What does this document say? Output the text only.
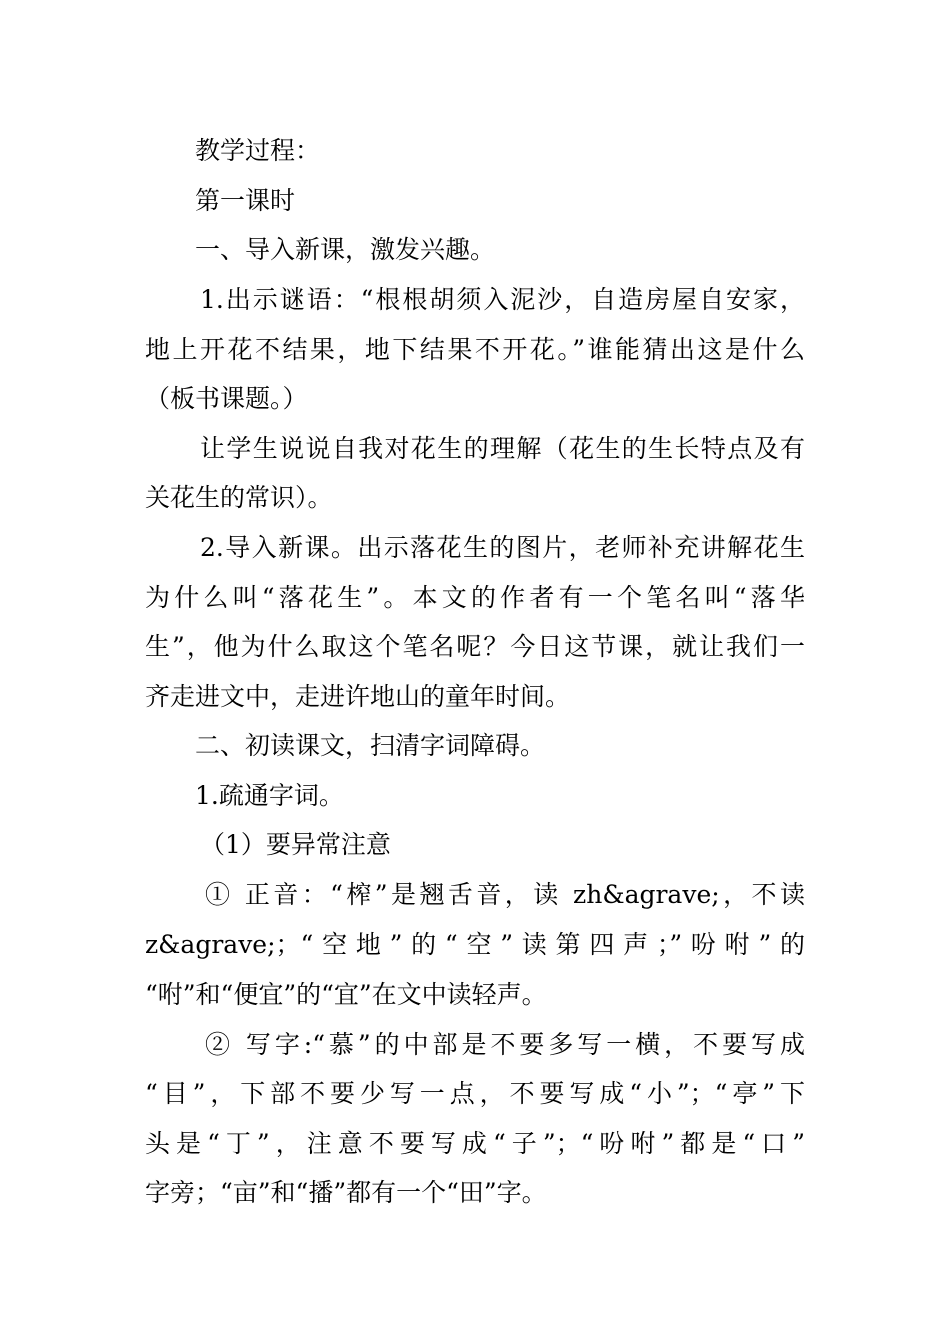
教学过程：
第一课时
一、导入新课，激发兴趣。
1.出示谜语：“根根胡须入泥沙，自造房屋自安家，
地上开花不结果，地下结果不开花。”谁能猜出这是什么
（板书课题。）
让学生说说自我对花生的理解（花生的生长特点及有
关花生的常识）。
2.导入新课。出示落花生的图片，老师补充讲解花生
为什么叫“落花生”。本文的作者有一个笔名叫“落华
生”，他为什么取这个笔名呢？今日这节课，就让我们一
齐走进文中，走进许地山的童年时间。
二、初读课文，扫清字词障碍。
1.疏通字词。
（1）要异常注意
① 正音：“榨”是翘舌音，读 zh&agrave;，不读
z&agrave;；“空地”的“空”读第四声；”吩咐”的
“咐”和“便宜”的“宜”在文中读轻声。
② 写字:“慕”的中部是不要多写一横，不要写成
“目”，下部不要少写一点，不要写成“小”；“亭”下
头是“丁”，注意不要写成“子”；“吩咐”都是“口”
字旁；“亩”和“播”都有一个“田”字。
